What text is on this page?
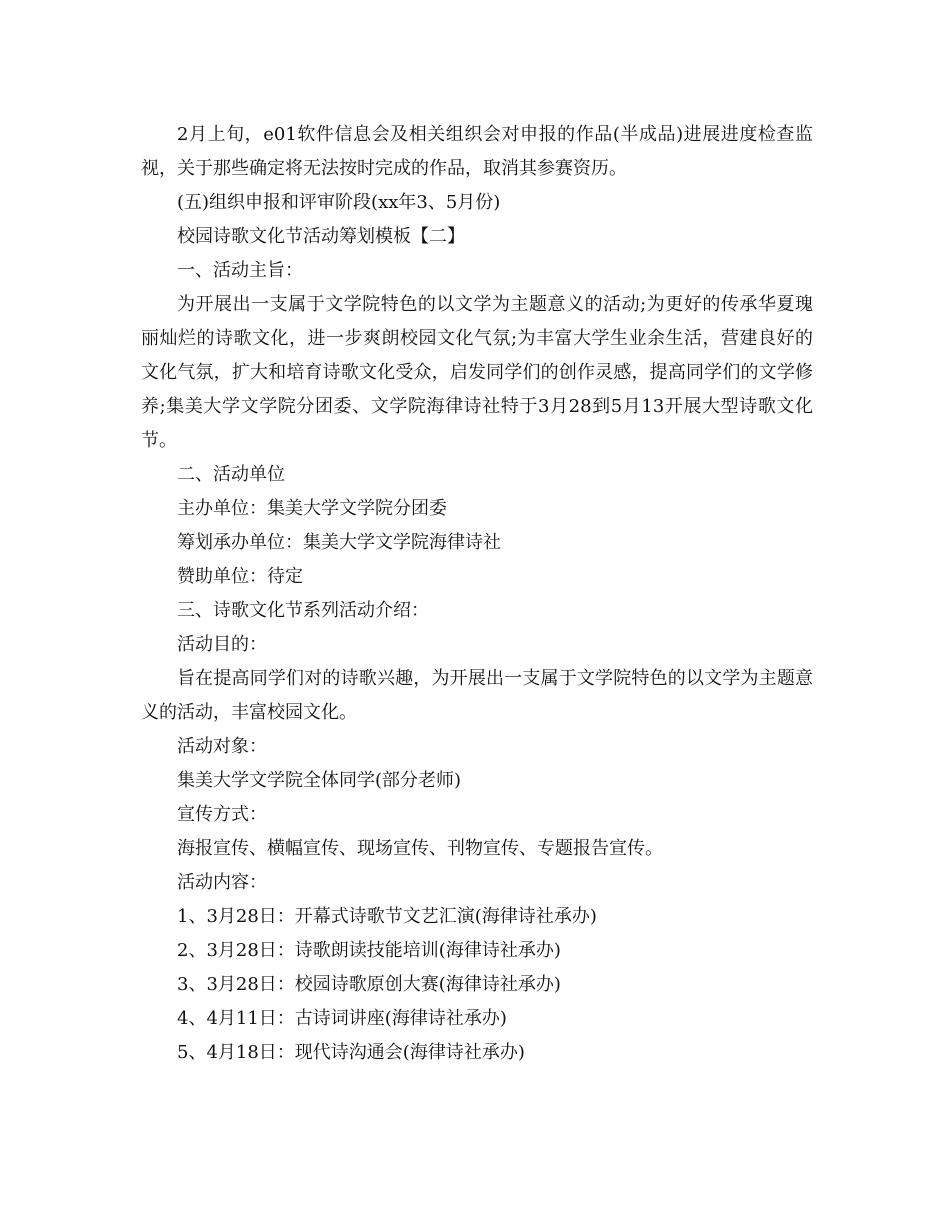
2月上旬，e01软件信息会及相关组织会对申报的作品(半成品)进展进度检查监视，关于那些确定将无法按时完成的作品，取消其参赛资历。

(五)组织申报和评审阶段(xx年3、5月份)

校园诗歌文化节活动筹划模板【二】

一、活动主旨：

为开展出一支属于文学院特色的以文学为主题意义的活动;为更好的传承华夏瑰丽灿烂的诗歌文化，进一步爽朗校园文化气氛;为丰富大学生业余生活，营建良好的文化气氛，扩大和培育诗歌文化受众，启发同学们的创作灵感，提高同学们的文学修养;集美大学文学院分团委、文学院海律诗社特于3月28到5月13开展大型诗歌文化节。

二、活动单位

主办单位：集美大学文学院分团委

筹划承办单位：集美大学文学院海律诗社

赞助单位：待定

三、诗歌文化节系列活动介绍：

活动目的：

旨在提高同学们对的诗歌兴趣，为开展出一支属于文学院特色的以文学为主题意义的活动，丰富校园文化。

活动对象：

集美大学文学院全体同学(部分老师)

宣传方式：

海报宣传、横幅宣传、现场宣传、刊物宣传、专题报告宣传。

活动内容：

1、3月28日：开幕式诗歌节文艺汇演(海律诗社承办)

2、3月28日：诗歌朗读技能培训(海律诗社承办)

3、3月28日：校园诗歌原创大赛(海律诗社承办)

4、4月11日：古诗词讲座(海律诗社承办)

5、4月18日：现代诗沟通会(海律诗社承办)
